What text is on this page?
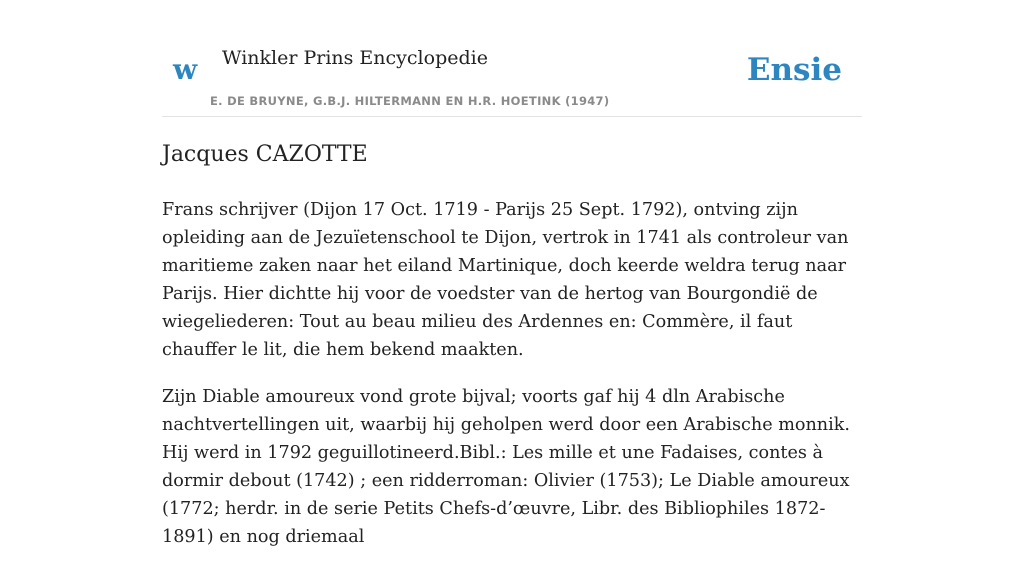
w Winkler Prins Encyclopedie
E. DE BRUYNE, G.B.J. HILTERMANN EN H.R. HOETINK (1947)
Ensie
Jacques CAZOTTE

Frans schrijver (Dijon 17 Oct. 1719 - Parijs 25 Sept. 1792), ontving zijn opleiding aan de Jezuïetenschool te Dijon, vertrok in 1741 als controleur van maritieme zaken naar het eiland Martinique, doch keerde weldra terug naar Parijs. Hier dichtte hij voor de voedster van de hertog van Bourgondië de wiegeliederen: Tout au beau milieu des Ardennes en: Commère, il faut chauffer le lit, die hem bekend maakten.

Zijn Diable amoureux vond grote bijval; voorts gaf hij 4 dln Arabische nachtvertellingen uit, waarbij hij geholpen werd door een Arabische monnik. Hij werd in 1792 geguillotineerd.Bibl.: Les mille et une Fadaises, contes à dormir debout (1742) ; een ridderroman: Olivier (1753); Le Diable amoureux (1772; herdr. in de serie Petits Chefs-d’œuvre, Libr. des Bibliophiles 1872-1891) en nog driemaal
